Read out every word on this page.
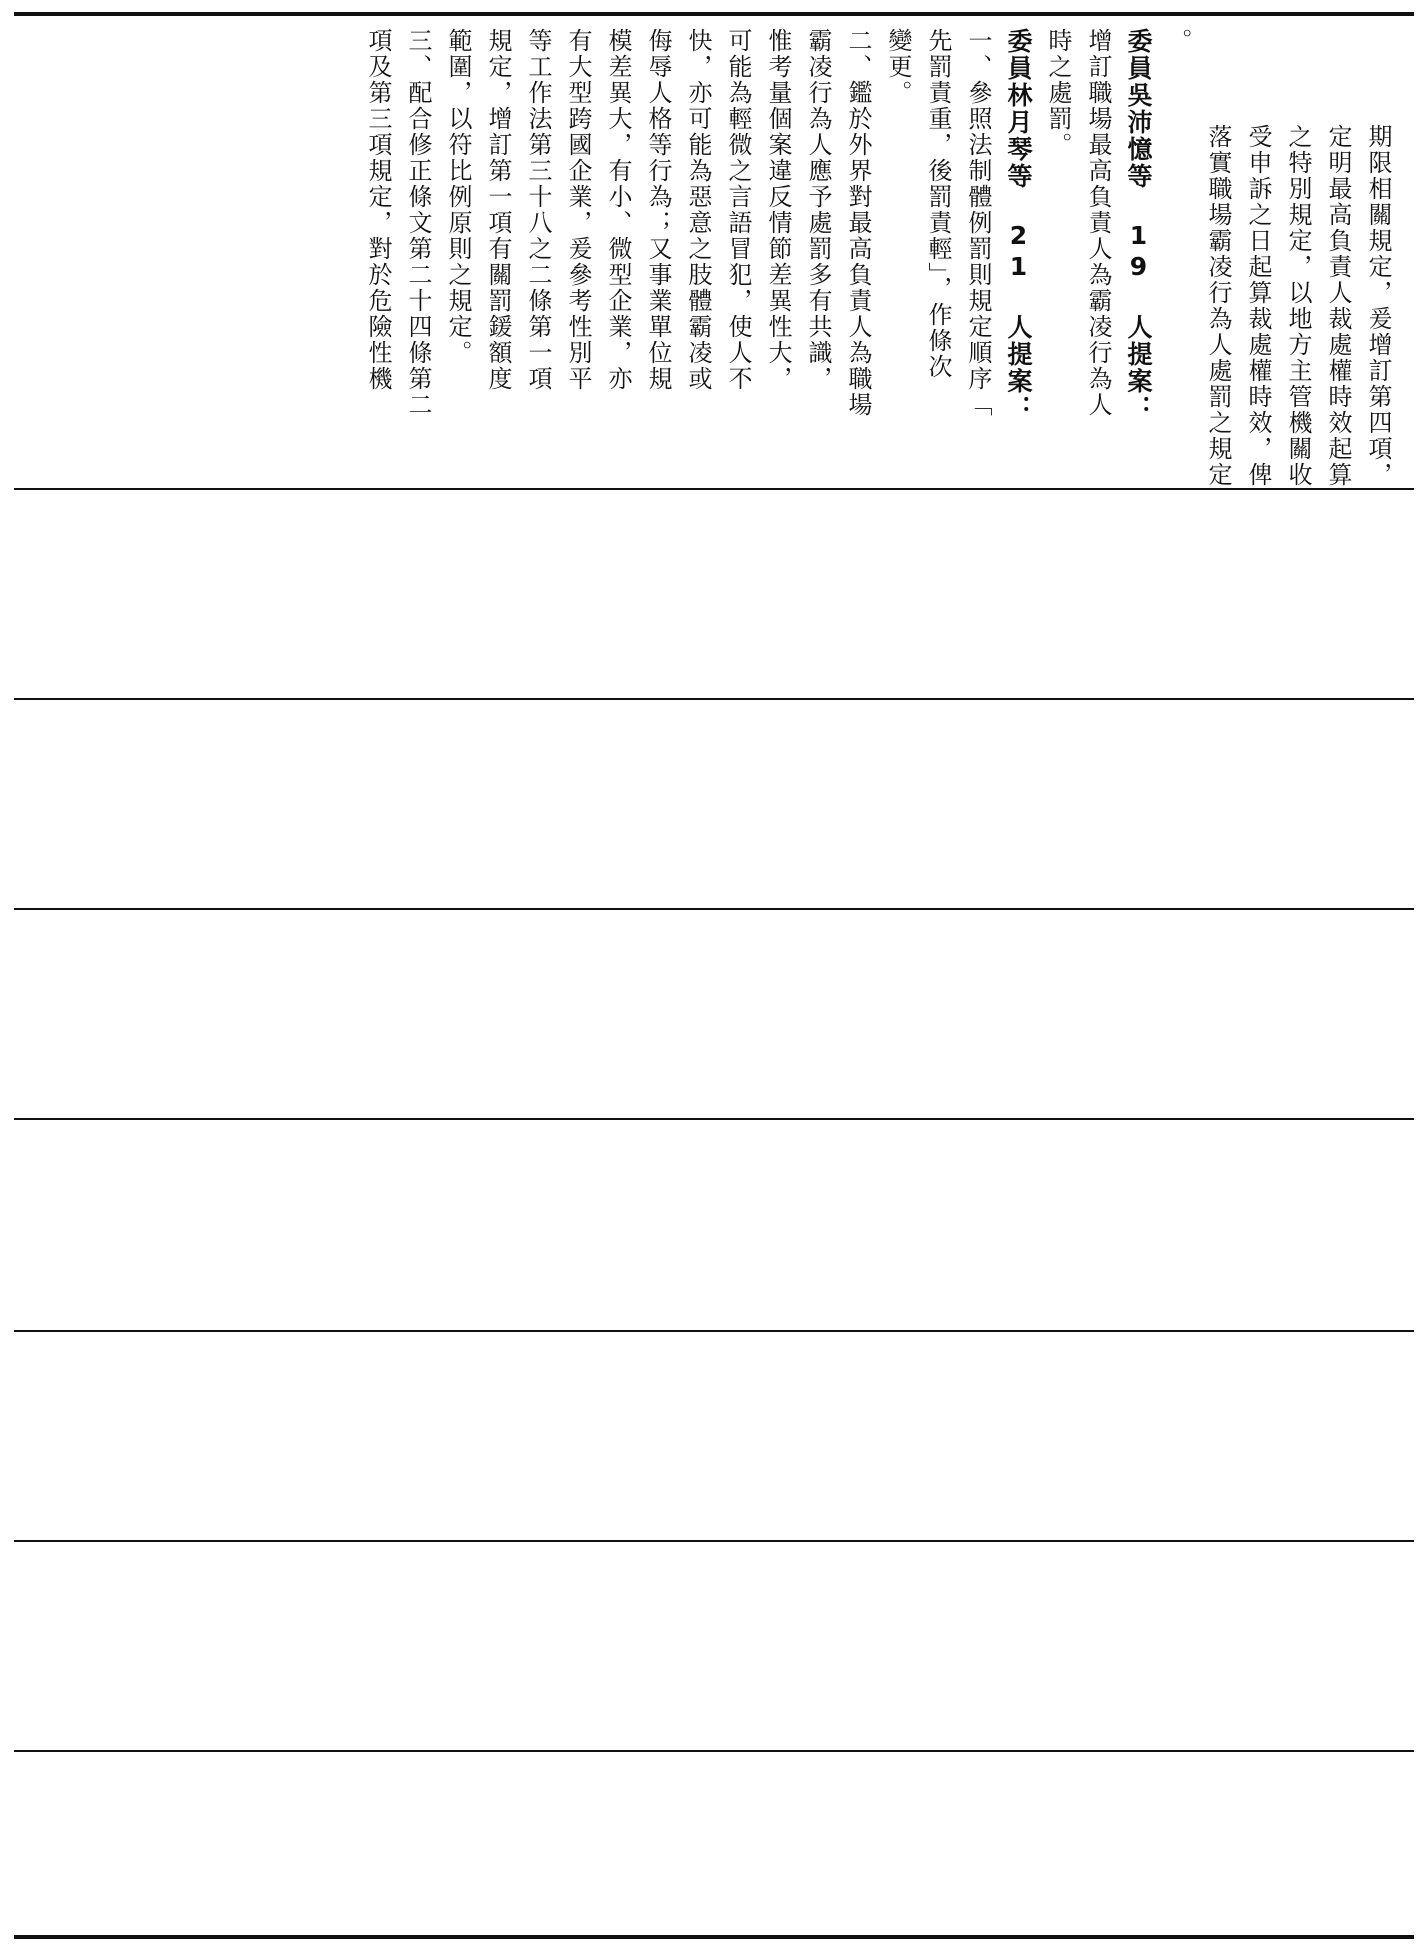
期限相關規定，爰增訂第四項，
定明最高負責人裁處權時效起算
之特別規定，以地方主管機關收
受申訴之日起算裁處權時效，俾
落實職場霸凌行為人處罰之規定
。
委員吳沛憶等 19 人提案：
增訂職場最高負責人為霸凌行為人
時之處罰。
委員林月琴等 21 人提案：
一、參照法制體例罰則規定順序「
先罰責重，後罰責輕」，作條次
變更。
二、鑑於外界對最高負責人為職場
霸凌行為人應予處罰多有共識，
惟考量個案違反情節差異性大，
可能為輕微之言語冒犯，使人不
快，亦可能為惡意之肢體霸凌或
侮辱人格等行為；又事業單位規
模差異大，有小、微型企業，亦
有大型跨國企業，爰參考性別平
等工作法第三十八之二條第一項
規定，增訂第一項有關罰鍰額度
範圍，以符比例原則之規定。
三、配合修正條文第二十四條第二
項及第三項規定，對於危險性機
